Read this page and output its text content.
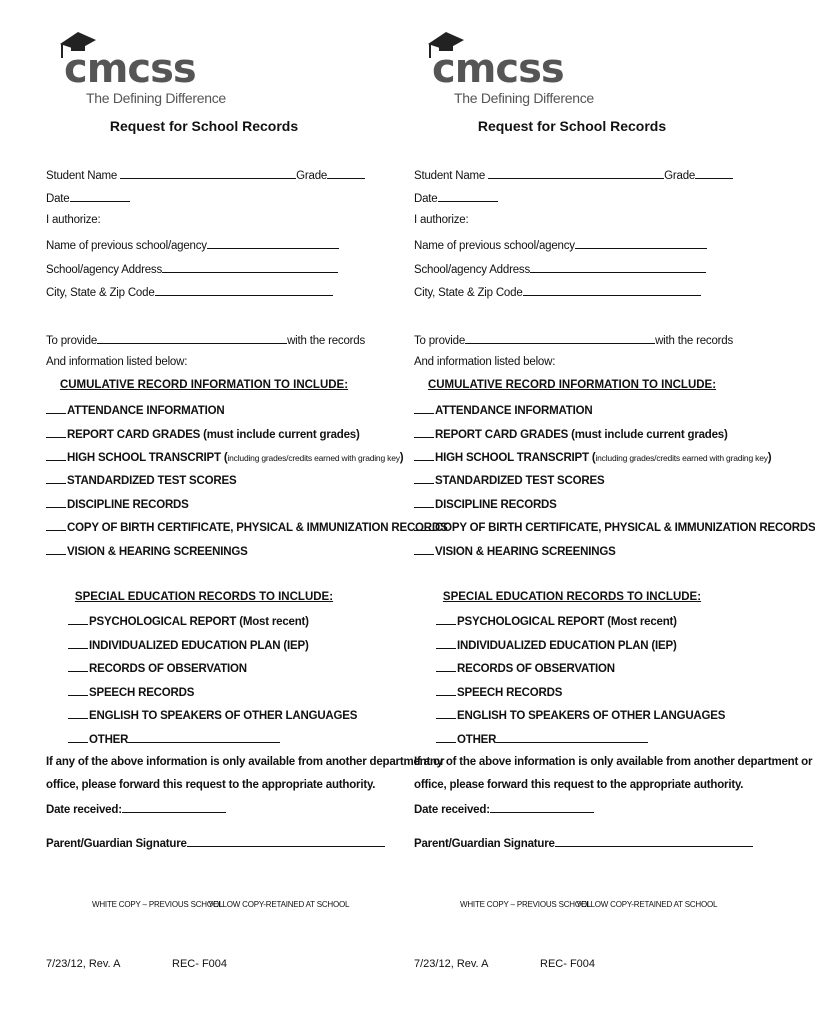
cmcss
The Defining Difference
Request for School Records
Student Name	Grade
Date
I authorize:
Name of previous school/agency
School/agency Address
City, State & Zip Code
To provide	with the records
And information listed below:
CUMULATIVE RECORD INFORMATION TO INCLUDE:
ATTENDANCE INFORMATION
REPORT CARD GRADES (must include current grades)
HIGH SCHOOL TRANSCRIPT (including grades/credits earned with grading key)
STANDARDIZED TEST SCORES
DISCIPLINE RECORDS
COPY OF BIRTH CERTIFICATE, PHYSICAL & IMMUNIZATION RECORDS
VISION & HEARING SCREENINGS
SPECIAL EDUCATION RECORDS TO INCLUDE:
PSYCHOLOGICAL REPORT (Most recent)
INDIVIDUALIZED EDUCATION PLAN (IEP)
RECORDS OF OBSERVATION
SPEECH RECORDS
ENGLISH TO SPEAKERS OF OTHER LANGUAGES
OTHER
If any of the above information is only available from another department or
office, please forward this request to the appropriate authority.
Date received:
Parent/Guardian Signature
WHITE COPY – PREVIOUS SCHOOL
YELLOW COPY-RETAINED AT SCHOOL
7/23/12, Rev. A	REC- F004
cmcss
The Defining Difference
Request for School Records
Student Name	Grade
Date
I authorize:
Name of previous school/agency
School/agency Address
City, State & Zip Code
To provide	with the records
And information listed below:
CUMULATIVE RECORD INFORMATION TO INCLUDE:
ATTENDANCE INFORMATION
REPORT CARD GRADES (must include current grades)
HIGH SCHOOL TRANSCRIPT (including grades/credits earned with grading key)
STANDARDIZED TEST SCORES
DISCIPLINE RECORDS
COPY OF BIRTH CERTIFICATE, PHYSICAL & IMMUNIZATION RECORDS
VISION & HEARING SCREENINGS
SPECIAL EDUCATION RECORDS TO INCLUDE:
PSYCHOLOGICAL REPORT (Most recent)
INDIVIDUALIZED EDUCATION PLAN (IEP)
RECORDS OF OBSERVATION
SPEECH RECORDS
ENGLISH TO SPEAKERS OF OTHER LANGUAGES
OTHER
If any of the above information is only available from another department or
office, please forward this request to the appropriate authority.
Date received:
Parent/Guardian Signature
WHITE COPY – PREVIOUS SCHOOL
YELLOW COPY-RETAINED AT SCHOOL
7/23/12, Rev. A	REC- F004
